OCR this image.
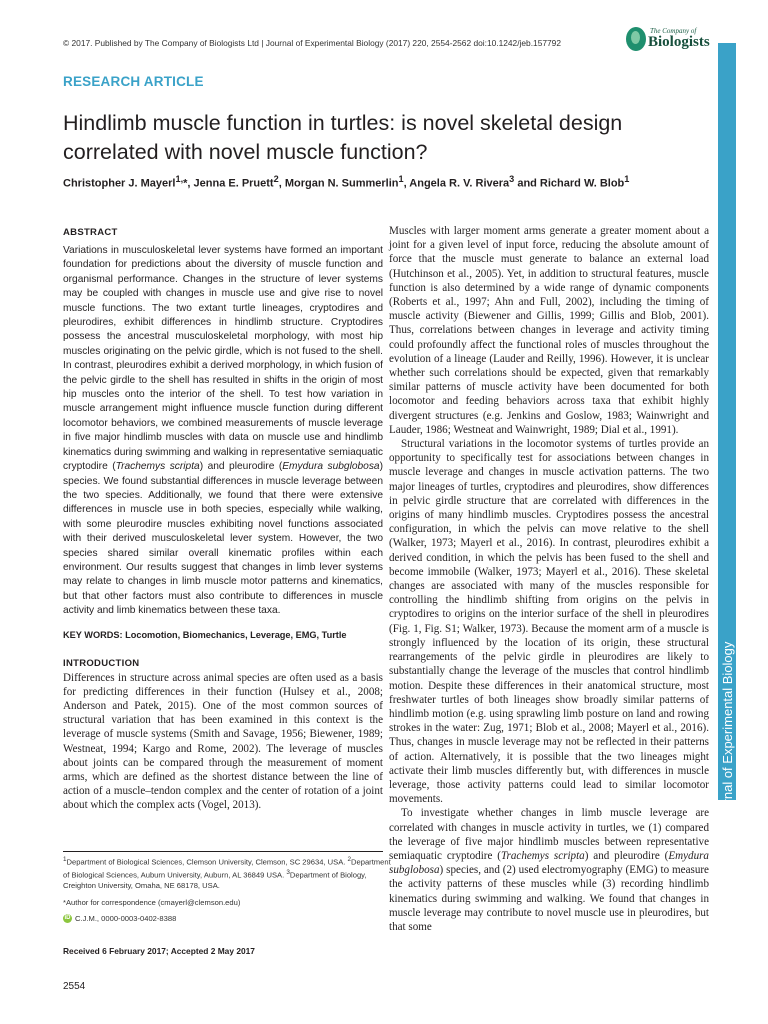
© 2017. Published by The Company of Biologists Ltd | Journal of Experimental Biology (2017) 220, 2554-2562 doi:10.1242/jeb.157792
The Company of
Biologists
RESEARCH ARTICLE
Hindlimb muscle function in turtles: is novel skeletal design correlated with novel muscle function?
Christopher J. Mayerl$^{1,}$*, Jenna E. Pruett$^2$, Morgan N. Summerlin$^1$, Angela R. V. Rivera$^3$ and Richard W. Blob$^1$
ABSTRACT

Variations in musculoskeletal lever systems have formed an important foundation for predictions about the diversity of muscle function and organismal performance. Changes in the structure of lever systems may be coupled with changes in muscle use and give rise to novel muscle functions. The two extant turtle lineages, cryptodires and pleurodires, exhibit differences in hindlimb structure. Cryptodires possess the ancestral musculoskeletal morphology, with most hip muscles originating on the pelvic girdle, which is not fused to the shell. In contrast, pleurodires exhibit a derived morphology, in which fusion of the pelvic girdle to the shell has resulted in shifts in the origin of most hip muscles onto the interior of the shell. To test how variation in muscle arrangement might influence muscle function during different locomotor behaviors, we combined measurements of muscle leverage in five major hindlimb muscles with data on muscle use and hindlimb kinematics during swimming and walking in representative semiaquatic cryptodire (Trachemys scripta) and pleurodire (Emydura subglobosa) species. We found substantial differences in muscle leverage between the two species. Additionally, we found that there were extensive differences in muscle use in both species, especially while walking, with some pleurodire muscles exhibiting novel functions associated with their derived musculoskeletal lever system. However, the two species shared similar overall kinematic profiles within each environment. Our results suggest that changes in limb lever systems may relate to changes in limb muscle motor patterns and kinematics, but that other factors must also contribute to differences in muscle activity and limb kinematics between these taxa.

KEY WORDS: Locomotion, Biomechanics, Leverage, EMG, Turtle
INTRODUCTION

Differences in structure across animal species are often used as a basis for predicting differences in their function (Hulsey et al., 2008; Anderson and Patek, 2015). One of the most common sources of structural variation that has been examined in this context is the leverage of muscle systems (Smith and Savage, 1956; Biewener, 1989; Westneat, 1994; Kargo and Rome, 2002). The leverage of muscles about joints can be compared through the measurement of moment arms, which are defined as the shortest distance between the line of action of a muscle–tendon complex and the center of rotation of a joint about which the complex acts (Vogel, 2013).

Muscles with larger moment arms generate a greater moment about a joint for a given level of input force, reducing the absolute amount of force that the muscle must generate to balance an external load (Hutchinson et al., 2005). Yet, in addition to structural features, muscle function is also determined by a wide range of dynamic components (Roberts et al., 1997; Ahn and Full, 2002), including the timing of muscle activity (Biewener and Gillis, 1999; Gillis and Blob, 2001). Thus, correlations between changes in leverage and activity timing could profoundly affect the functional roles of muscles throughout the evolution of a lineage (Lauder and Reilly, 1996). However, it is unclear whether such correlations should be expected, given that remarkably similar patterns of muscle activity have been documented for both locomotor and feeding behaviors across taxa that exhibit highly divergent structures (e.g. Jenkins and Goslow, 1983; Wainwright and Lauder, 1986; Westneat and Wainwright, 1989; Dial et al., 1991).

Structural variations in the locomotor systems of turtles provide an opportunity to specifically test for associations between changes in muscle leverage and changes in muscle activation patterns. The two major lineages of turtles, cryptodires and pleurodires, show differences in pelvic girdle structure that are correlated with differences in the origins of many hindlimb muscles. Cryptodires possess the ancestral configuration, in which the pelvis can move relative to the shell (Walker, 1973; Mayerl et al., 2016). In contrast, pleurodires exhibit a derived condition, in which the pelvis has been fused to the shell and become immobile (Walker, 1973; Mayerl et al., 2016). These skeletal changes are associated with many of the muscles responsible for controlling the hindlimb shifting from origins on the pelvis in cryptodires to origins on the interior surface of the shell in pleurodires (Fig. 1, Fig. S1; Walker, 1973). Because the moment arm of a muscle is strongly influenced by the location of its origin, these structural rearrangements of the pelvic girdle in pleurodires are likely to substantially change the leverage of the muscles that control hindlimb motion. Despite these differences in their anatomical structure, most freshwater turtles of both lineages show broadly similar patterns of hindlimb motion (e.g. using sprawling limb posture on land and rowing strokes in the water: Zug, 1971; Blob et al., 2008; Mayerl et al., 2016). Thus, changes in muscle leverage may not be reflected in their patterns of action. Alternatively, it is possible that the two lineages might activate their limb muscles differently but, with differences in muscle leverage, those activity patterns could lead to similar locomotor movements.

To investigate whether changes in limb muscle leverage are correlated with changes in muscle activity in turtles, we (1) compared the leverage of five major hindlimb muscles between representative semiaquatic cryptodire (Trachemys scripta) and pleurodire (Emydura subglobosa) species, and (2) used electromyography (EMG) to measure the activity patterns of these muscles while (3) recording hindlimb kinematics during swimming and walking. We found that changes in muscle leverage may contribute to novel muscle use in pleurodires, but that some

$^1$Department of Biological Sciences, Clemson University, Clemson, SC 29634, USA. $^2$Department of Biological Sciences, Auburn University, Auburn, AL 36849 USA. $^3$Department of Biology, Creighton University, Omaha, NE 68178, USA.
*Author for correspondence (cmayerl@clemson.edu)
iD C.J.M., 0000-0003-0402-8388
Received 6 February 2017; Accepted 2 May 2017
2554
Journal of Experimental Biology
